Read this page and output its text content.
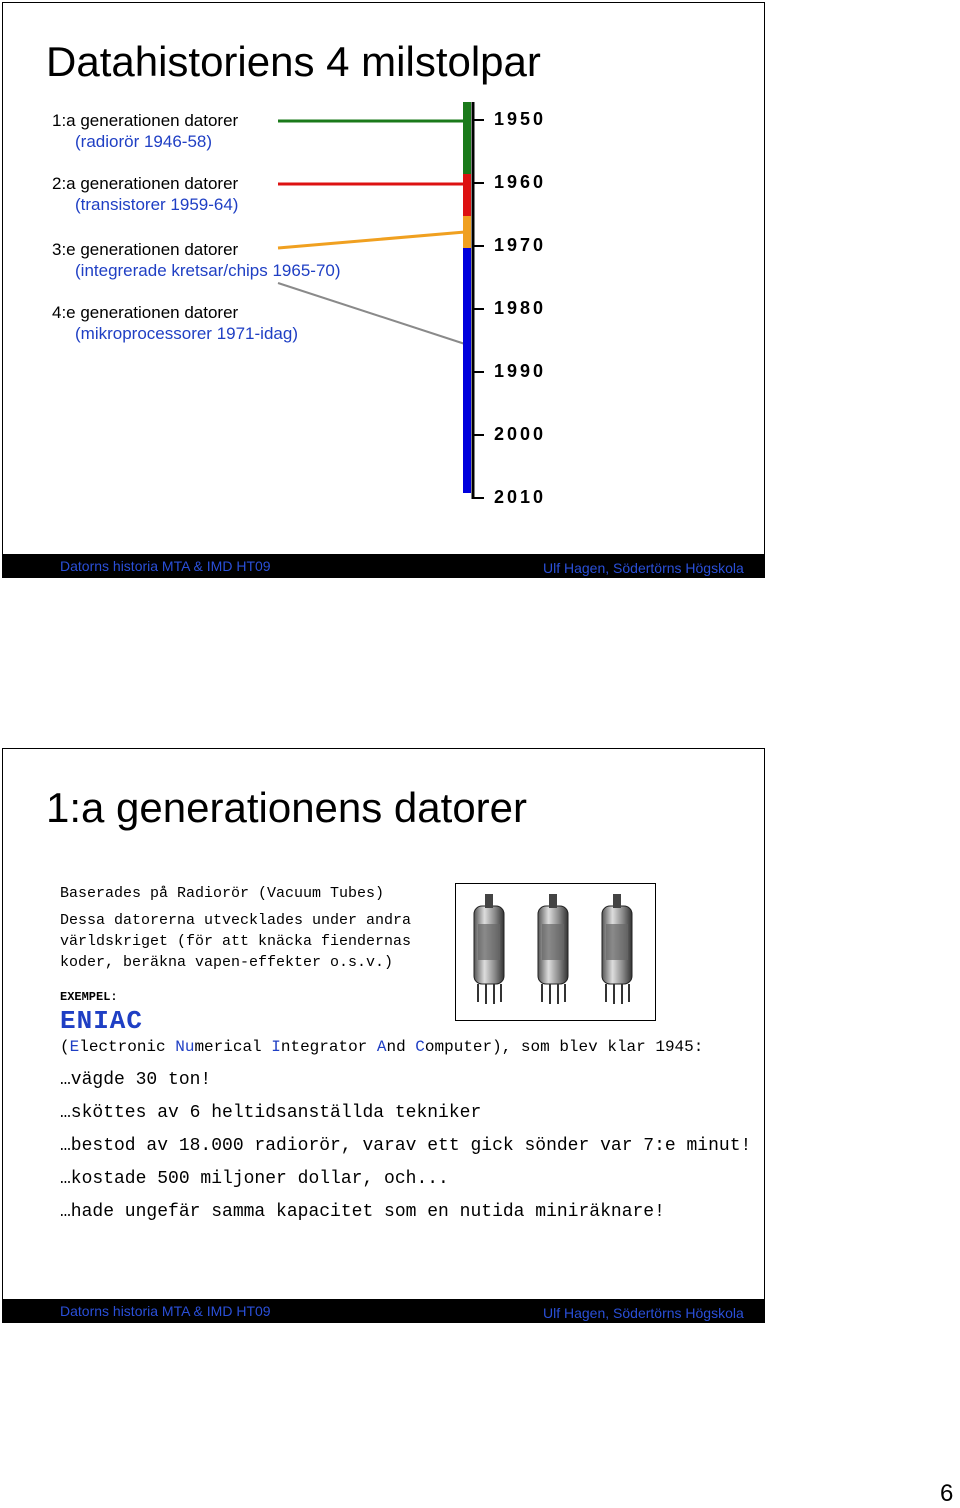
Datorns historia MTA & IMD HT09	Ulf Hagen, Södertörns Högskola
Datahistoriens 4 milstolpar
1:a generationen datorer
(radiorör 1946-58)
2:a generationen datorer
(transistorer 1959-64)
3:e generationen datorer
(integrerade kretsar/chips 1965-70)
4:e generationen datorer
(mikroprocessorer 1971-idag)
1950
1960
1970
1980
1990
2000
2010
Datorns historia MTA & IMD HT09	Ulf Hagen, Södertörns Högskola
1:a generationens datorer
Baserades på Radiorör (Vacuum Tubes)
Dessa datorerna utvecklades under andra
världskriget (för att knäcka fiendernas
koder, beräkna vapen-effekter o.s.v.)
EXEMPEL:
ENIAC
(Electronic Numerical Integrator And Computer), som blev klar 1945:
…vägde 30 ton!
…sköttes av 6 heltidsanställda tekniker
…bestod av 18.000 radiorör, varav ett gick sönder var 7:e minut!
…kostade 500 miljoner dollar, och...
…hade ungefär samma kapacitet som en nutida miniräknare!
6
